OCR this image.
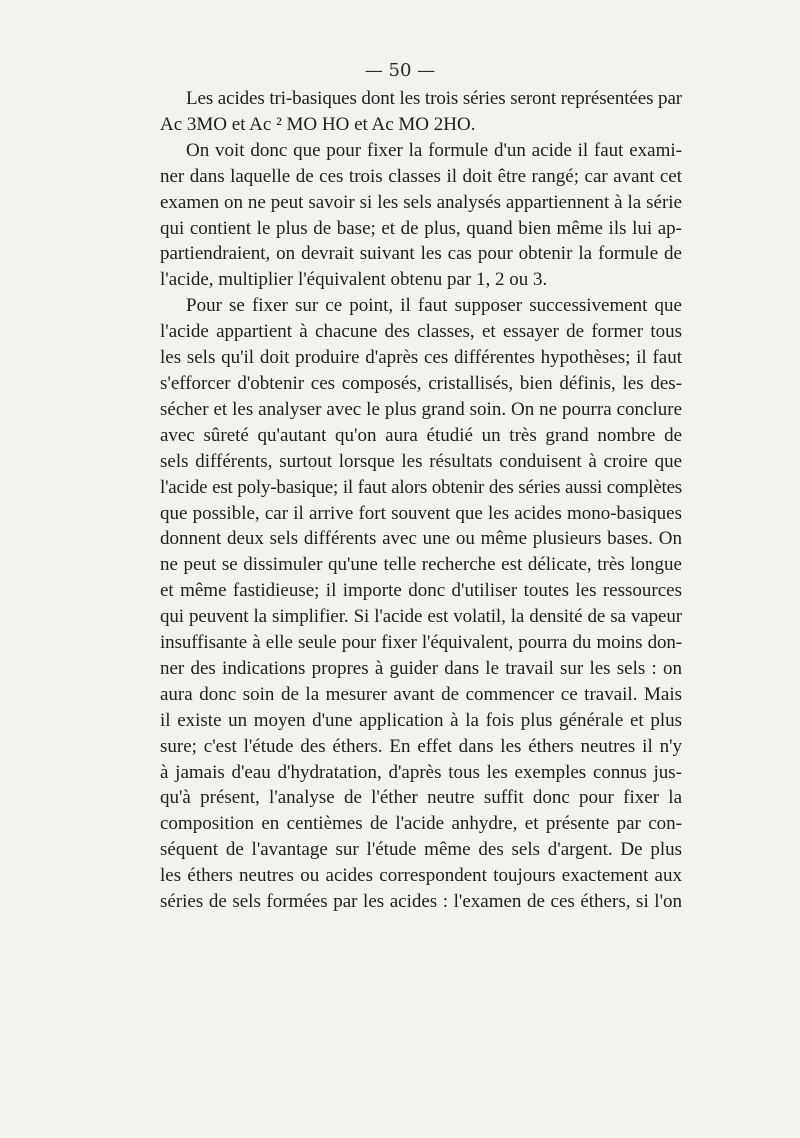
— 50 —

Les acides tri-basiques dont les trois séries seront représentées par
Ac 3MO et Ac ² MO HO et Ac MO 2HO.

On voit donc que pour fixer la formule d'un acide il faut exami-
ner dans laquelle de ces trois classes il doit être rangé; car avant cet
examen on ne peut savoir si les sels analysés appartiennent à la série
qui contient le plus de base; et de plus, quand bien même ils lui ap-
partiendraient, on devrait suivant les cas pour obtenir la formule de
l'acide, multiplier l'équivalent obtenu par 1, 2 ou 3.

Pour se fixer sur ce point, il faut supposer successivement que
l'acide appartient à chacune des classes, et essayer de former tous
les sels qu'il doit produire d'après ces différentes hypothèses; il faut
s'efforcer d'obtenir ces composés, cristallisés, bien définis, les des-
sécher et les analyser avec le plus grand soin. On ne pourra conclure
avec sûreté qu'autant qu'on aura étudié un très grand nombre de
sels différents, surtout lorsque les résultats conduisent à croire que
l'acide est poly-basique; il faut alors obtenir des séries aussi complètes
que possible, car il arrive fort souvent que les acides mono-basiques
donnent deux sels différents avec une ou même plusieurs bases. On
ne peut se dissimuler qu'une telle recherche est délicate, très longue
et même fastidieuse; il importe donc d'utiliser toutes les ressources
qui peuvent la simplifier. Si l'acide est volatil, la densité de sa vapeur
insuffisante à elle seule pour fixer l'équivalent, pourra du moins don-
ner des indications propres à guider dans le travail sur les sels : on
aura donc soin de la mesurer avant de commencer ce travail. Mais
il existe un moyen d'une application à la fois plus générale et plus
sure; c'est l'étude des éthers. En effet dans les éthers neutres il n'y
à jamais d'eau d'hydratation, d'après tous les exemples connus jus-
qu'à présent, l'analyse de l'éther neutre suffit donc pour fixer la
composition en centièmes de l'acide anhydre, et présente par con-
séquent de l'avantage sur l'étude même des sels d'argent. De plus
les éthers neutres ou acides correspondent toujours exactement aux
séries de sels formées par les acides : l'examen de ces éthers, si l'on
